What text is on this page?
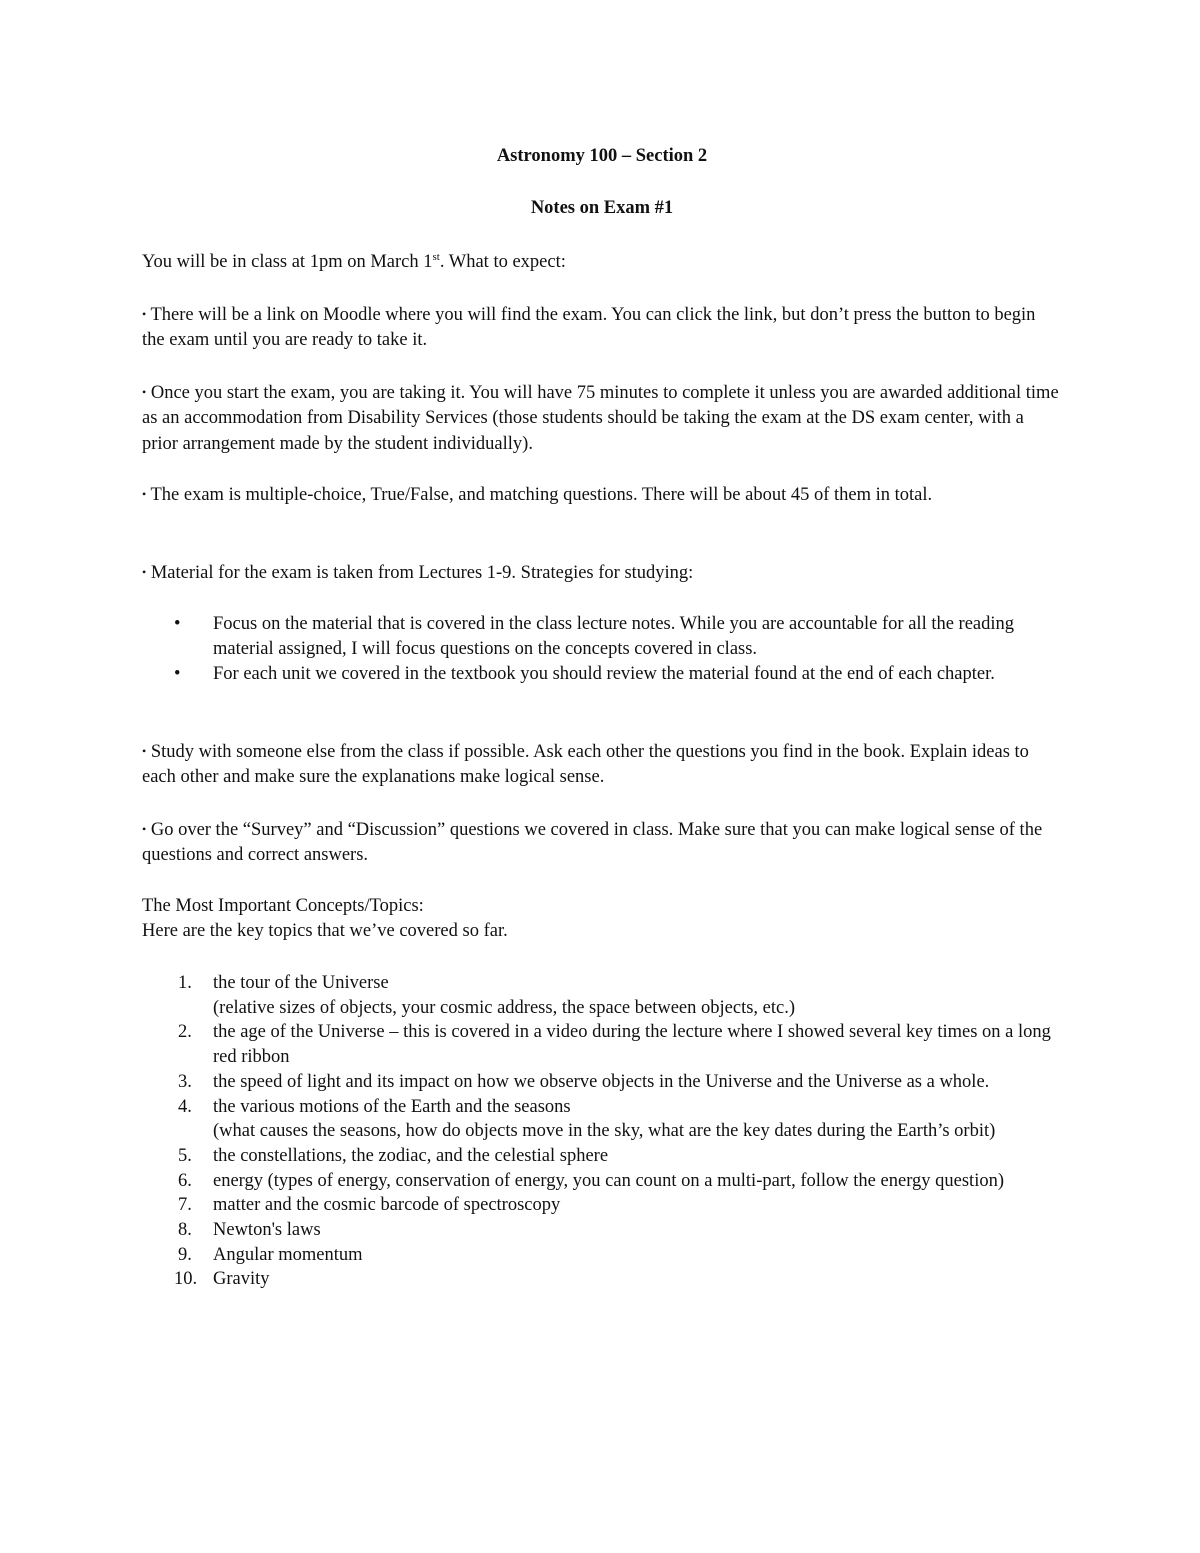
Astronomy 100 – Section 2
Notes on Exam #1

You will be in class at 1pm on March 1st. What to expect:

• There will be a link on Moodle where you will find the exam. You can click the link, but don’t press the button to begin the exam until you are ready to take it.

• Once you start the exam, you are taking it. You will have 75 minutes to complete it unless you are awarded additional time as an accommodation from Disability Services (those students should be taking the exam at the DS exam center, with a prior arrangement made by the student individually).

• The exam is multiple-choice, True/False, and matching questions. There will be about 45 of them in total.

• Material for the exam is taken from Lectures 1-9. Strategies for studying:

• Focus on the material that is covered in the class lecture notes. While you are accountable for all the reading material assigned, I will focus questions on the concepts covered in class.
• For each unit we covered in the textbook you should review the material found at the end of each chapter.

• Study with someone else from the class if possible. Ask each other the questions you find in the book. Explain ideas to each other and make sure the explanations make logical sense.

• Go over the “Survey” and “Discussion” questions we covered in class. Make sure that you can make logical sense of the questions and correct answers.

The Most Important Concepts/Topics:
Here are the key topics that we’ve covered so far.

1. the tour of the Universe
(relative sizes of objects, your cosmic address, the space between objects, etc.)
2. the age of the Universe – this is covered in a video during the lecture where I showed several key times on a long red ribbon
3. the speed of light and its impact on how we observe objects in the Universe and the Universe as a whole.
4. the various motions of the Earth and the seasons
(what causes the seasons, how do objects move in the sky, what are the key dates during the Earth’s orbit)
5. the constellations, the zodiac, and the celestial sphere
6. energy (types of energy, conservation of energy, you can count on a multi-part, follow the energy question)
7. matter and the cosmic barcode of spectroscopy
8. Newton's laws
9. Angular momentum
10. Gravity
